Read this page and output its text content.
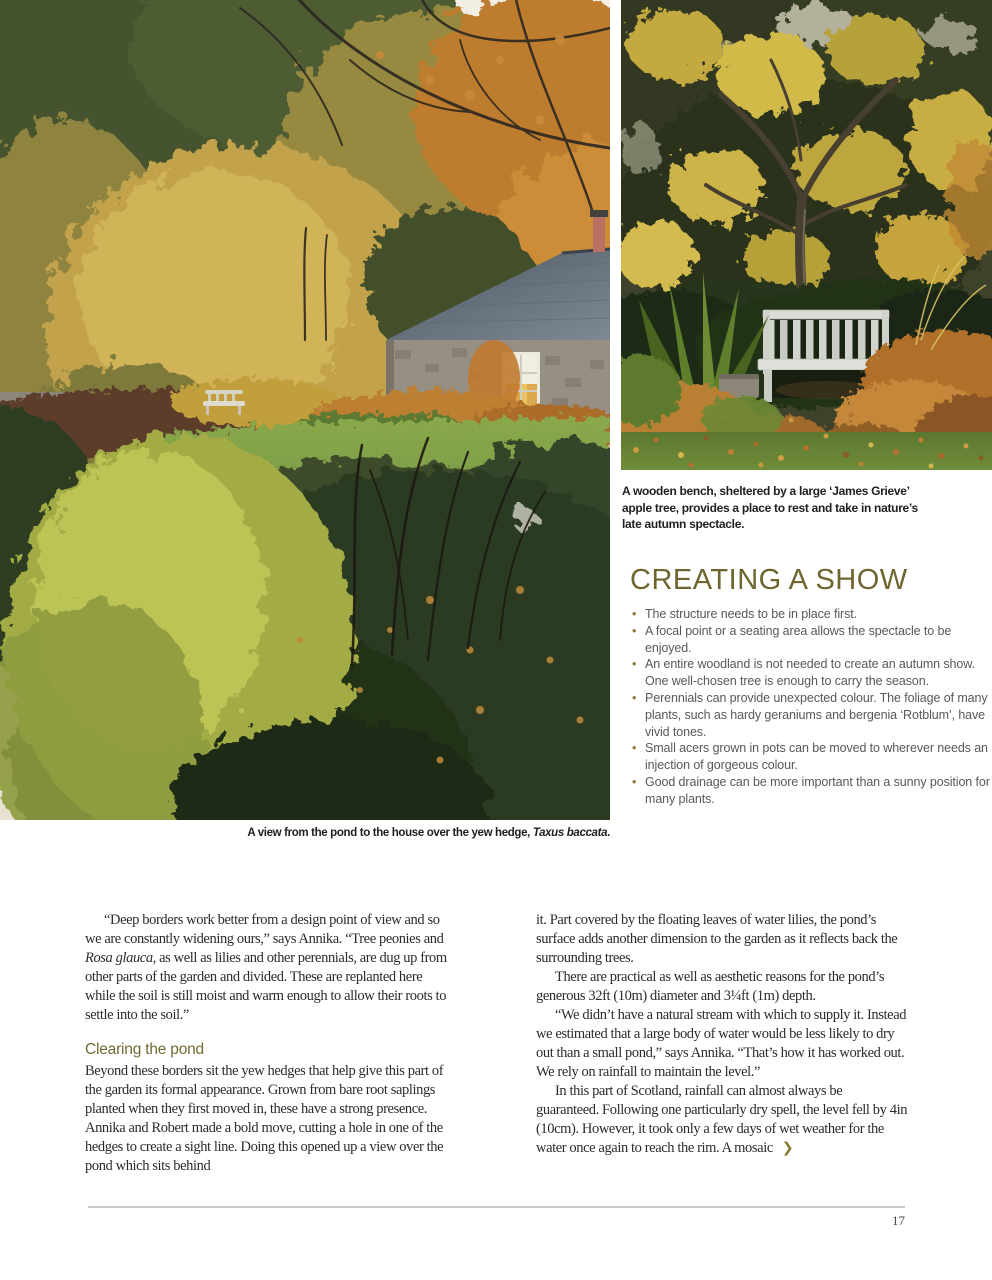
A wooden bench, sheltered by a large ‘James Grieve’ apple tree, provides a place to rest and take in nature’s late autumn spectacle.
CREATING A SHOW
• The structure needs to be in place first.
• A focal point or a seating area allows the spectacle to be enjoyed.
• An entire woodland is not needed to create an autumn show. One well-chosen tree is enough to carry the season.
• Perennials can provide unexpected colour. The foliage of many plants, such as hardy geraniums and bergenia ‘Rotblum’, have vivid tones.
• Small acers grown in pots can be moved to wherever needs an injection of gorgeous colour.
• Good drainage can be more important than a sunny position for many plants.
A view from the pond to the house over the yew hedge, Taxus baccata.

“Deep borders work better from a design point of view and so we are constantly widening ours,” says Annika. “Tree peonies and Rosa glauca, as well as lilies and other perennials, are dug up from other parts of the garden and divided. These are replanted here while the soil is still moist and warm enough to allow their roots to settle into the soil.”

Clearing the pond

Beyond these borders sit the yew hedges that help give this part of the garden its formal appearance. Grown from bare root saplings planted when they first moved in, these have a strong presence. Annika and Robert made a bold move, cutting a hole in one of the hedges to create a sight line. Doing this opened up a view over the pond which sits behind

it. Part covered by the floating leaves of water lilies, the pond’s surface adds another dimension to the garden as it reflects back the surrounding trees.

There are practical as well as aesthetic reasons for the pond’s generous 32ft (10m) diameter and 3¼ft (1m) depth.

“We didn’t have a natural stream with which to supply it. Instead we estimated that a large body of water would be less likely to dry out than a small pond,” says Annika. “That’s how it has worked out. We rely on rainfall to maintain the level.”

In this part of Scotland, rainfall can almost always be guaranteed. Following one particularly dry spell, the level fell by 4in (10cm). However, it took only a few days of wet weather for the water once again to reach the rim. A mosaic ❯

17
